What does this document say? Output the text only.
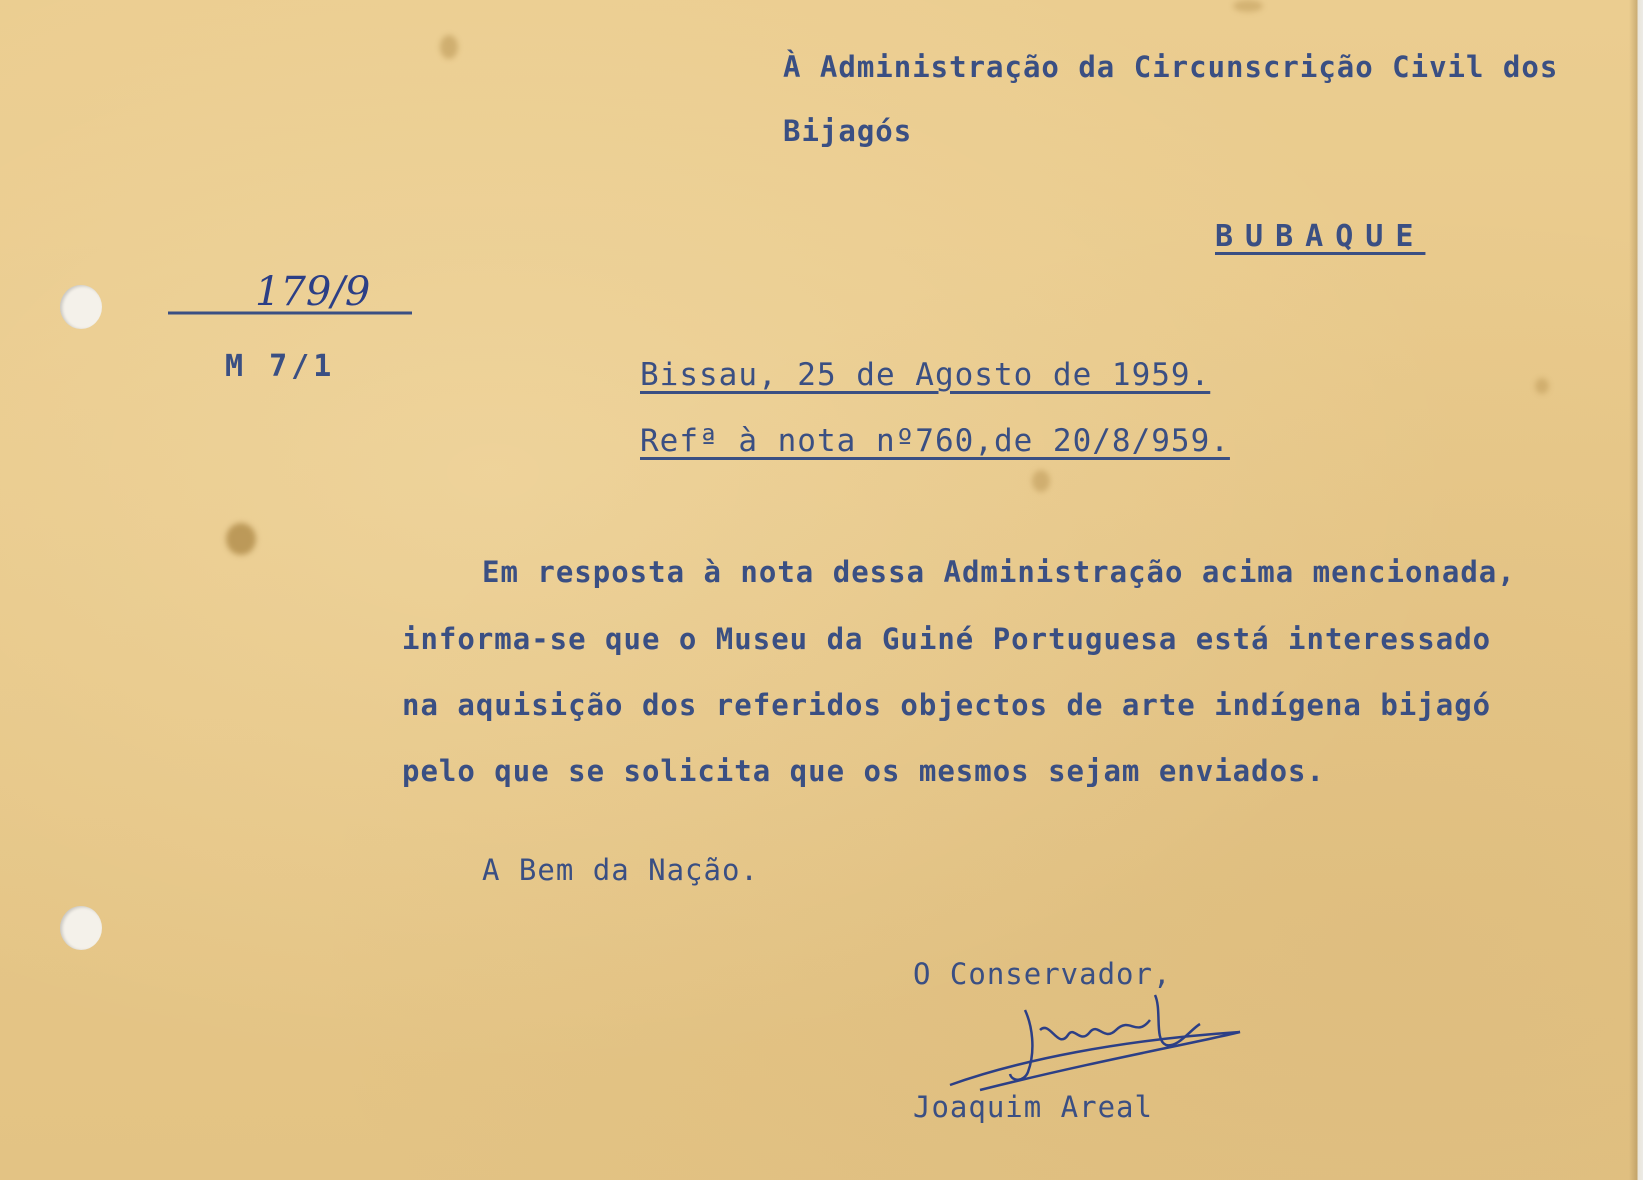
À Administração da Circunscrição Civil dos
Bijagós
BUBAQUE
179/9
M 7/1	Bissau, 25 de Agosto de 1959.
Refª à nota nº760,de 20/8/959.
Em resposta à nota dessa Administração acima mencionada,
informa-se que o Museu da Guiné Portuguesa está interessado
na aquisição dos referidos objectos de arte indígena bijagó
pelo que se solicita que os mesmos sejam enviados.
A Bem da Nação.
O Conservador,
Joaquim Areal
